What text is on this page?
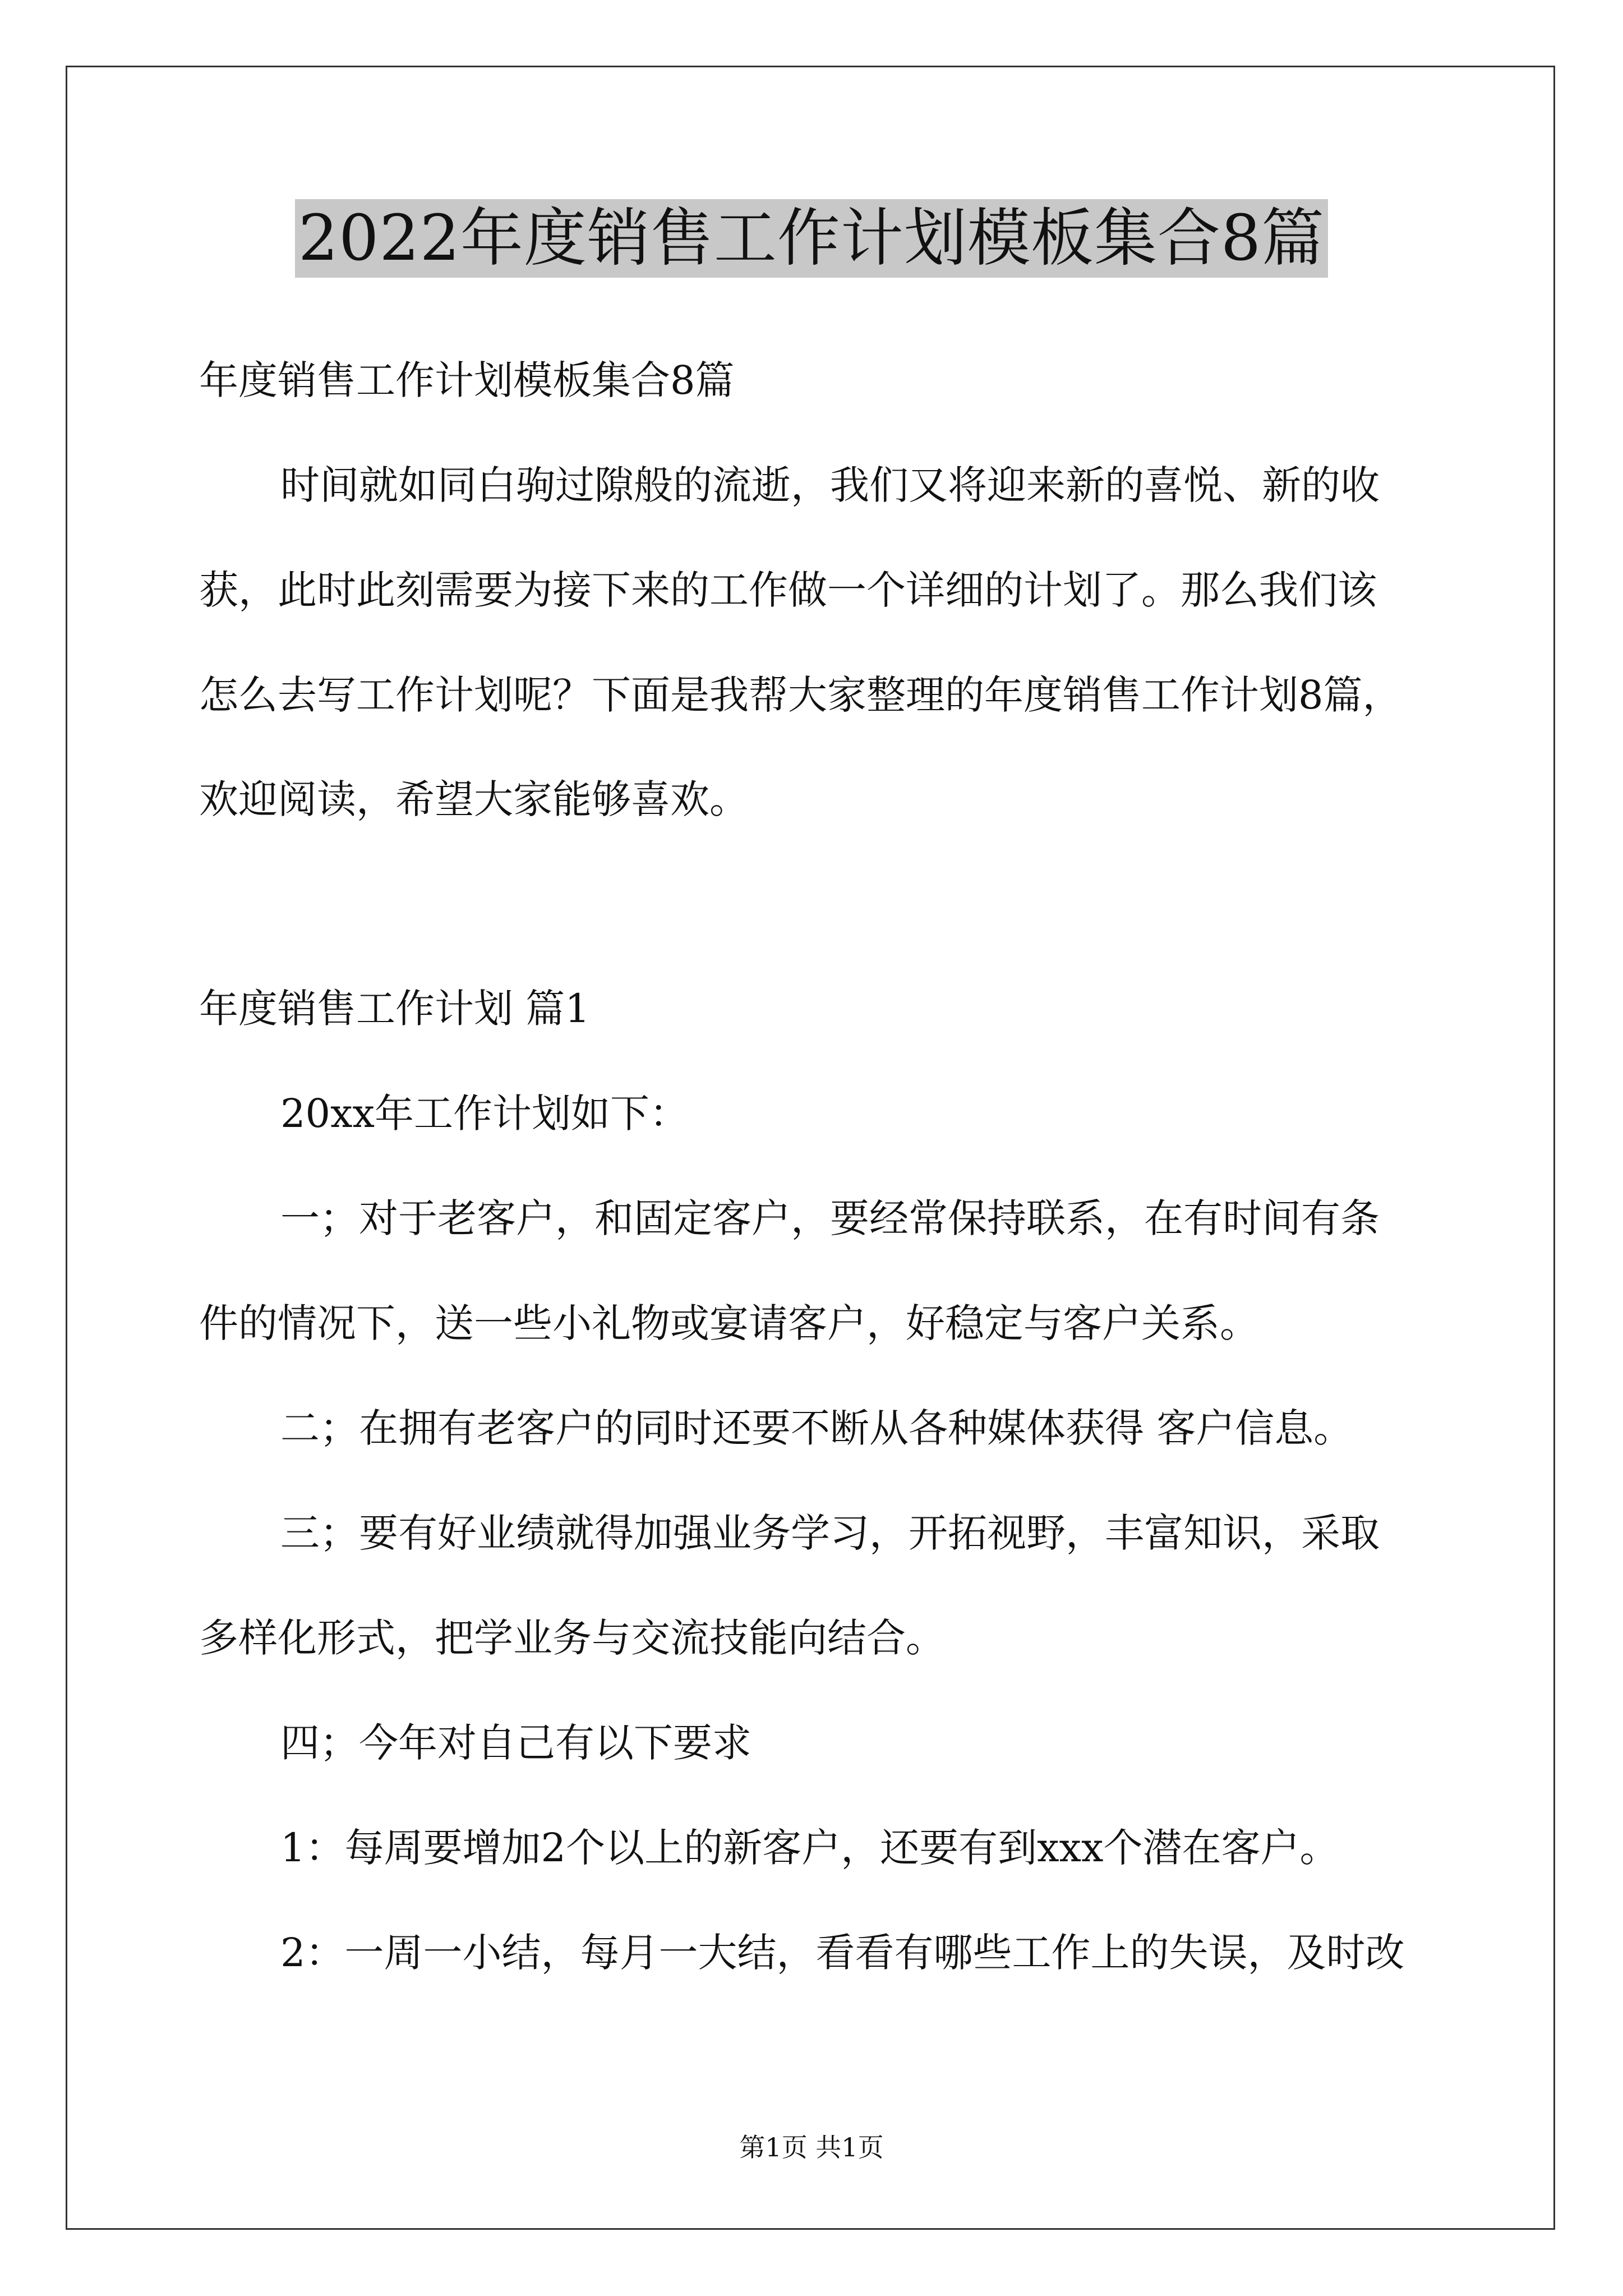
2022年度销售工作计划模板集合8篇
年度销售工作计划模板集合8篇
时间就如同白驹过隙般的流逝，我们又将迎来新的喜悦、新的收
获，此时此刻需要为接下来的工作做一个详细的计划了。那么我们该
怎么去写工作计划呢？下面是我帮大家整理的年度销售工作计划8篇，
欢迎阅读，希望大家能够喜欢。
年度销售工作计划 篇1
20xx年工作计划如下：
一；对于老客户，和固定客户，要经常保持联系，在有时间有条
件的情况下，送一些小礼物或宴请客户，好稳定与客户关系。
二；在拥有老客户的同时还要不断从各种媒体获得 客户信息。
三；要有好业绩就得加强业务学习，开拓视野，丰富知识，采取
多样化形式，把学业务与交流技能向结合。
四；今年对自己有以下要求
1：每周要增加2个以上的新客户，还要有到xxx个潜在客户。
2：一周一小结，每月一大结，看看有哪些工作上的失误，及时改
第1页 共1页
